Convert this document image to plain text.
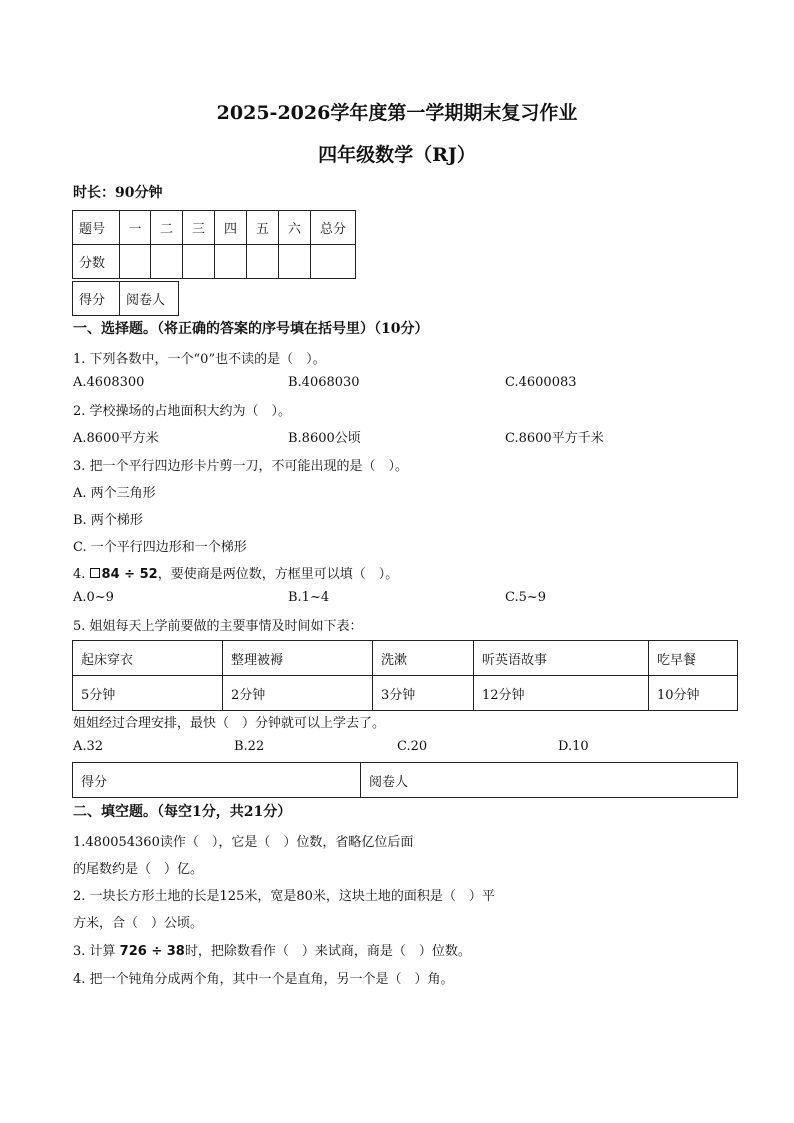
2025-2026学年度第一学期期末复习作业
四年级数学（RJ）
时长：90分钟
题号	一	二	三	四	五	六	总分
分数							
得分	阅卷人
一、选择题。（将正确的答案的序号填在括号里）（10分）
1. 下列各数中，一个“0”也不读的是（　）。
A.4608300	B.4068030	C.4600083
2. 学校操场的占地面积大约为（　）。
A.8600平方米	B.8600公顷	C.8600平方千米
3. 把一个平行四边形卡片剪一刀，不可能出现的是（　）。
A. 两个三角形
B. 两个梯形
C. 一个平行四边形和一个梯形
4. 84 ÷ 52，要使商是两位数，方框里可以填（　）。
A.0~9	B.1~4	C.5~9
5. 姐姐每天上学前要做的主要事情及时间如下表：
起床穿衣	整理被褥	洗漱	听英语故事	吃早餐
5分钟	2分钟	3分钟	12分钟	10分钟
姐姐经过合理安排，最快（　）分钟就可以上学去了。
A.32	B.22	C.20	D.10
得分	阅卷人
二、填空题。（每空1分，共21分）
1.480054360读作（　），它是（　）位数，省略亿位后面
的尾数约是（　）亿。
2. 一块长方形土地的长是125米，宽是80米，这块土地的面积是（　）平
方米，合（　）公顷。
3. 计算 726 ÷ 38时，把除数看作（　）来试商，商是（　）位数。
4. 把一个钝角分成两个角，其中一个是直角，另一个是（　）角。
